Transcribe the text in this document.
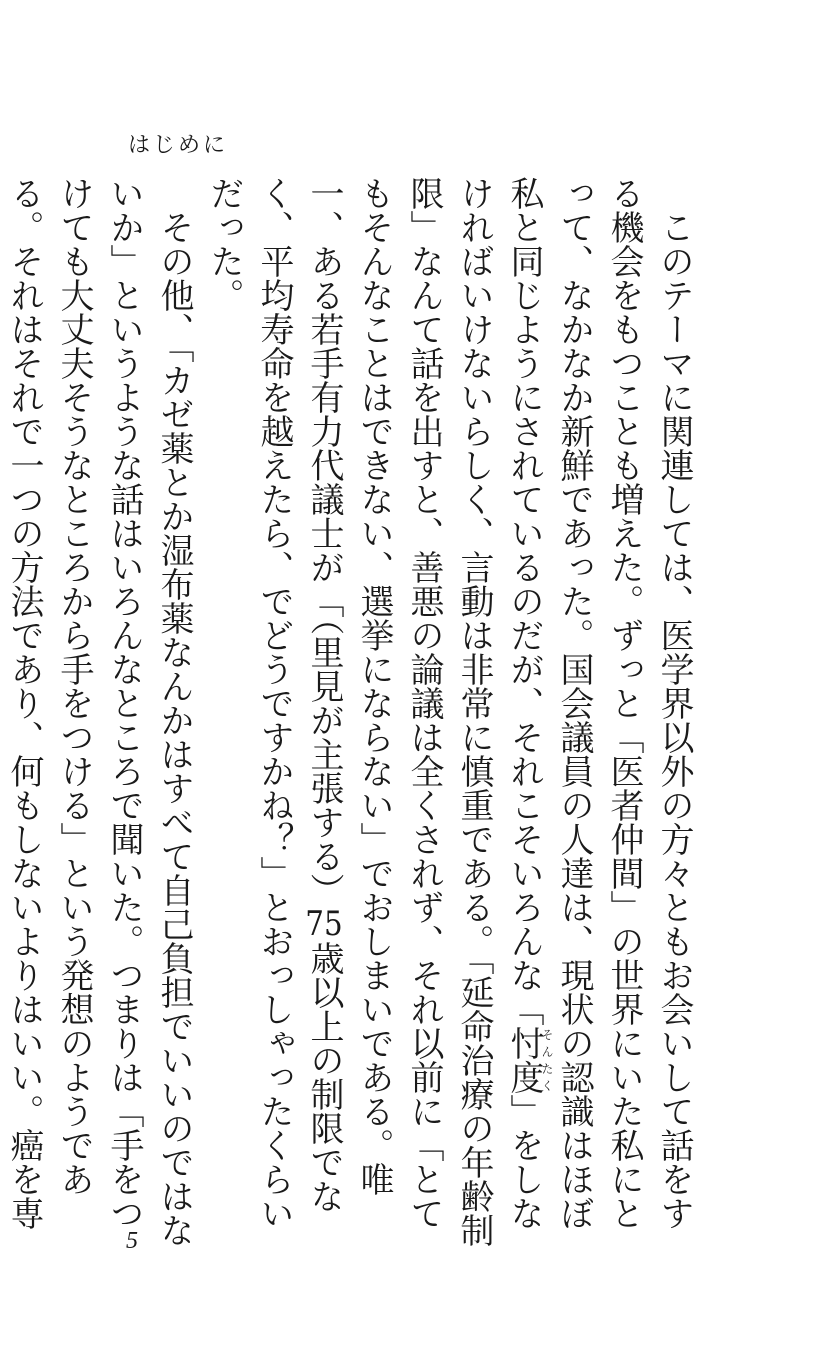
はじめに

このテーマに関連しては、医学界以外の方々ともお会いして話をする機会をもつことも増えた。ずっと「医者仲間」の世界にいた私にとって、なかなか新鮮であった。国会議員の人達は、現状の認識はほぼ私と同じようにされているのだが、それこそいろんな「忖度そんたく」をしなければいけないらしく、言動は非常に慎重である。「延命治療の年齢制限」なんて話を出すと、善悪の論議は全くされず、それ以前に「とてもそんなことはできない、選挙にならない」でおしまいである。唯一、ある若手有力代議士が「（里見が主張する）75歳以上の制限でなく、平均寿命を越えたら、でどうですかね？」とおっしゃったくらいだった。

その他、「カゼ薬とか湿布薬なんかはすべて自己負担でいいのではないか」というような話はいろんなところで聞いた。つまりは「手をつけても大丈夫そうなところから手をつける」という発想のようである。それはそれで一つの方法であり、何もしないよりはいい。癌を専

5
